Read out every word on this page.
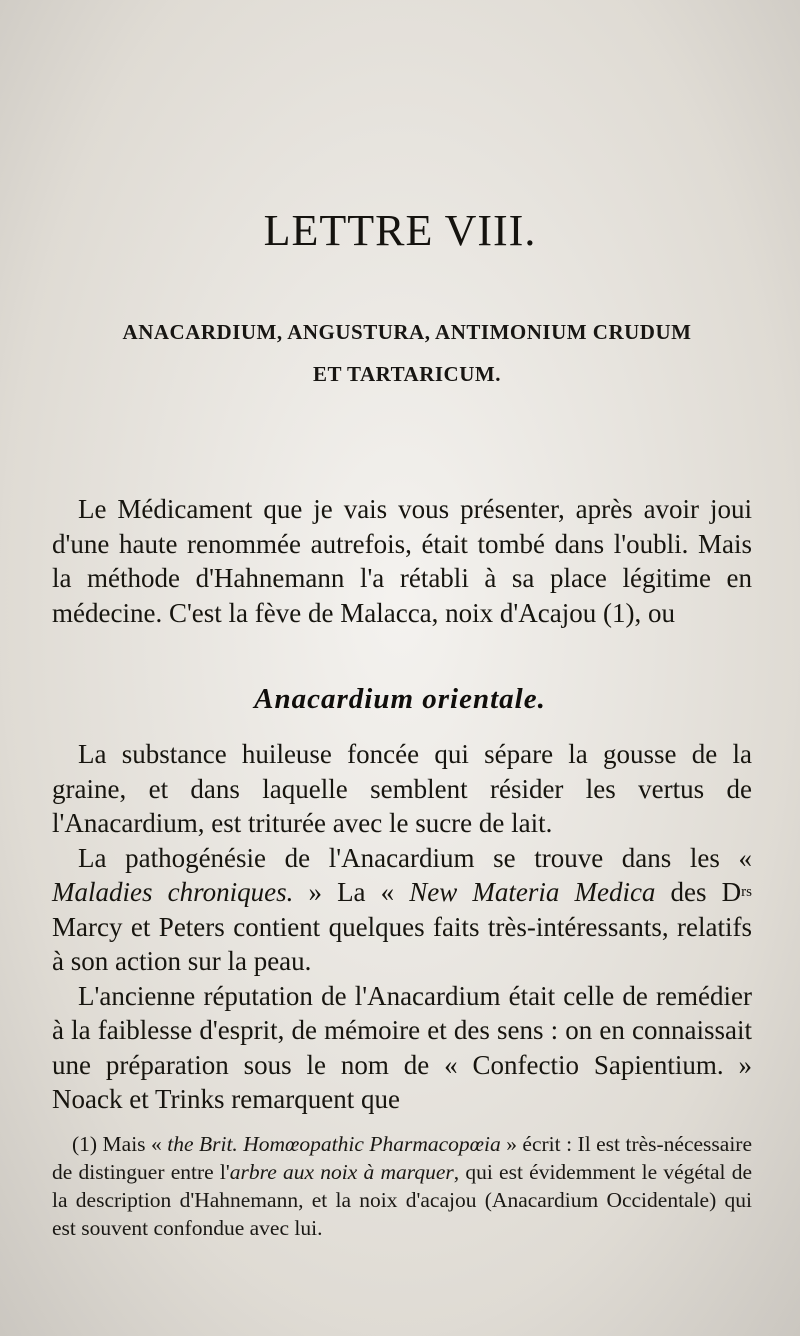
LETTRE VIII.
ANACARDIUM, ANGUSTURA, ANTIMONIUM CRUDUM
ET TARTARICUM.

Le Médicament que je vais vous présenter, après avoir joui d'une haute renommée autrefois, était tombé dans l'oubli. Mais la méthode d'Hahnemann l'a rétabli à sa place légitime en médecine. C'est la fève de Malacca, noix d'Acajou (1), ou

Anacardium orientale.

La substance huileuse foncée qui sépare la gousse de la graine, et dans laquelle semblent résider les vertus de l'Anacardium, est triturée avec le sucre de lait.

La pathogénésie de l'Anacardium se trouve dans les « Maladies chroniques. » La « New Materia Medica des $D^{rs}$ Marcy et Peters contient quelques faits très-intéressants, relatifs à son action sur la peau.

L'ancienne réputation de l'Anacardium était celle de remédier à la faiblesse d'esprit, de mémoire et des sens : on en connaissait une préparation sous le nom de « Confectio Sapientium. » Noack et Trinks remarquent que

(1) Mais « the Brit. Homœopathic Pharmacopœia » écrit : Il est très-nécessaire de distinguer entre l'arbre aux noix à marquer, qui est évidemment le végétal de la description d'Hahnemann, et la noix d'acajou (Anacardium Occidentale) qui est souvent confondue avec lui.
